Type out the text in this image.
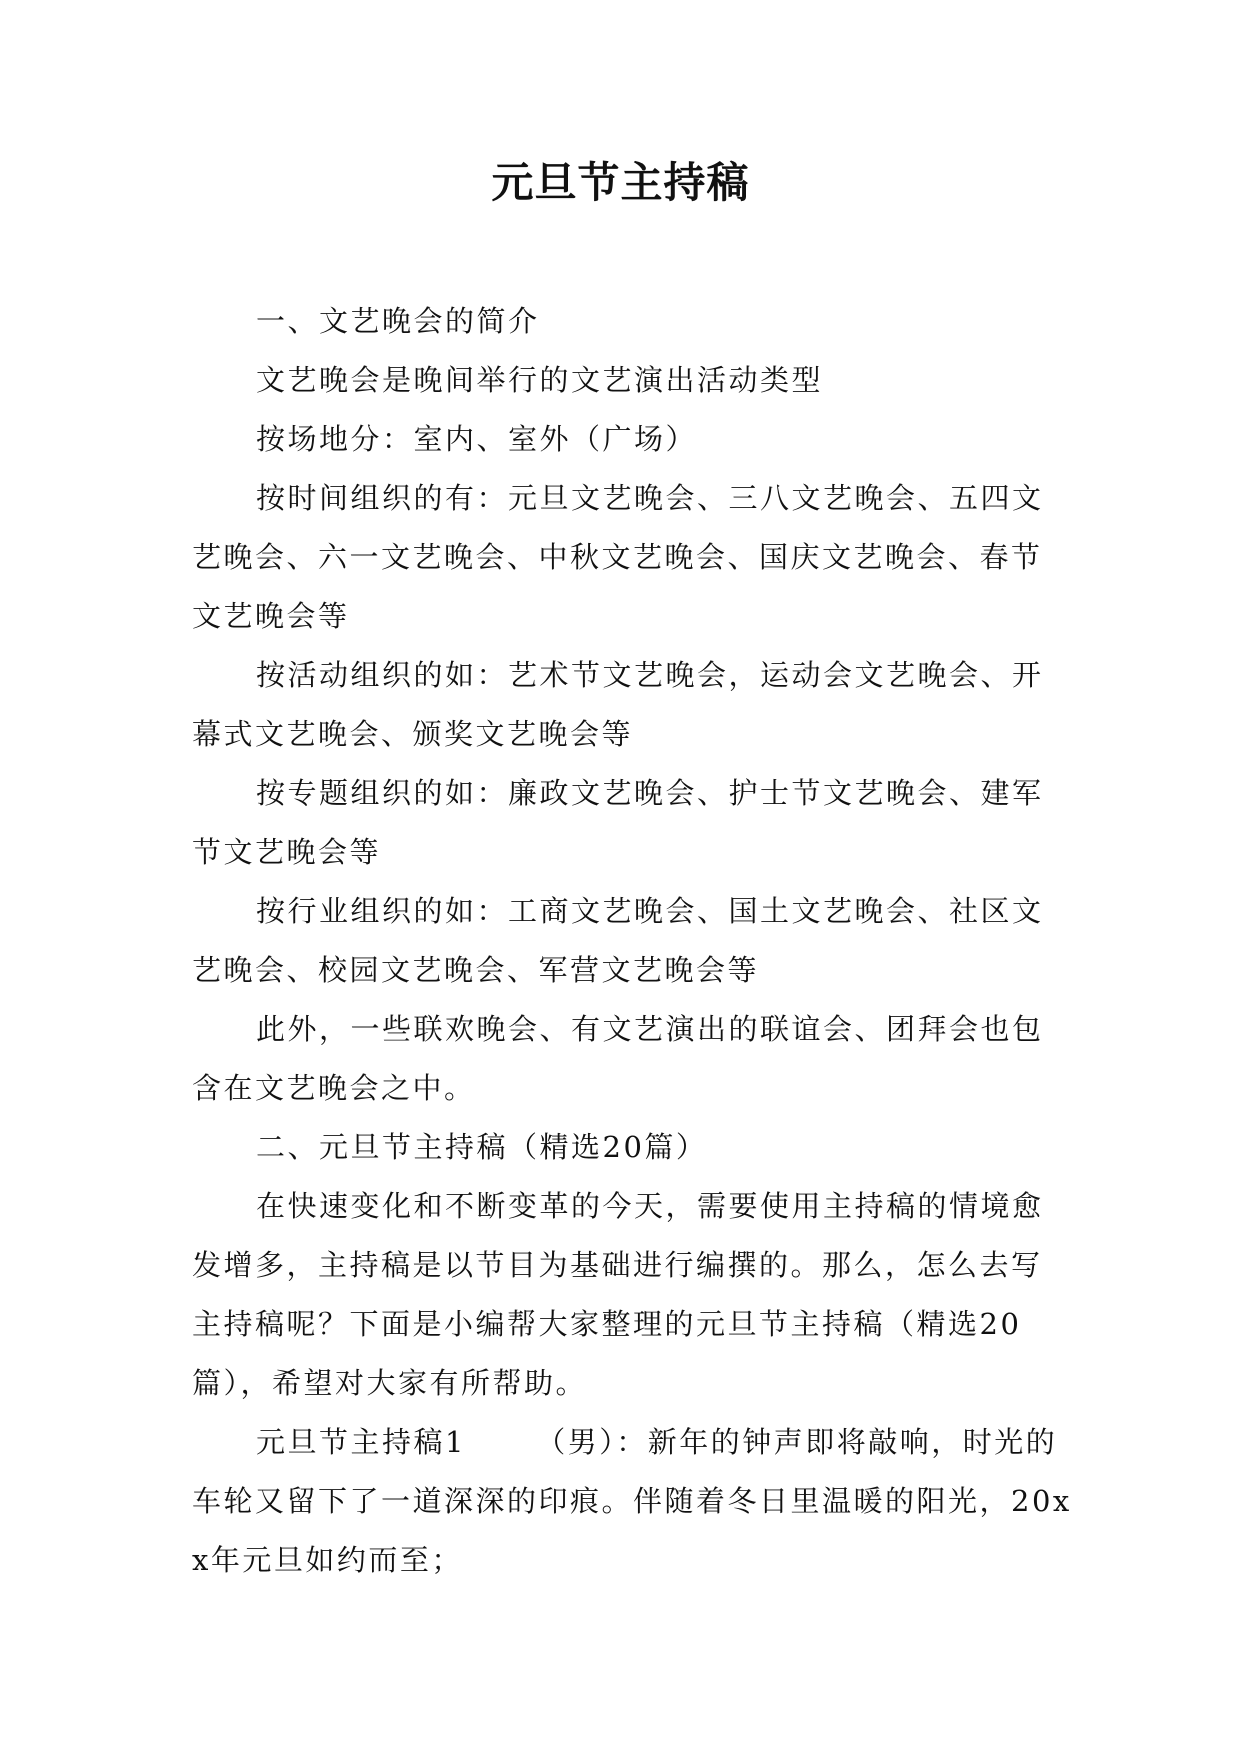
元旦节主持稿

一、文艺晚会的简介

文艺晚会是晚间举行的文艺演出活动类型

按场地分：室内、室外（广场）

按时间组织的有：元旦文艺晚会、三八文艺晚会、五四文艺晚会、六一文艺晚会、中秋文艺晚会、国庆文艺晚会、春节文艺晚会等

按活动组织的如：艺术节文艺晚会，运动会文艺晚会、开幕式文艺晚会、颁奖文艺晚会等

按专题组织的如：廉政文艺晚会、护士节文艺晚会、建军节文艺晚会等

按行业组织的如：工商文艺晚会、国土文艺晚会、社区文艺晚会、校园文艺晚会、军营文艺晚会等

此外，一些联欢晚会、有文艺演出的联谊会、团拜会也包含在文艺晚会之中。

二、元旦节主持稿（精选20篇）

在快速变化和不断变革的今天，需要使用主持稿的情境愈发增多，主持稿是以节目为基础进行编撰的。那么，怎么去写主持稿呢？下面是小编帮大家整理的元旦节主持稿（精选20篇），希望对大家有所帮助。

元旦节主持稿1      （男）：新年的钟声即将敲响，时光的车轮又留下了一道深深的印痕。伴随着冬日里温暖的阳光，20xx年元旦如约而至；
